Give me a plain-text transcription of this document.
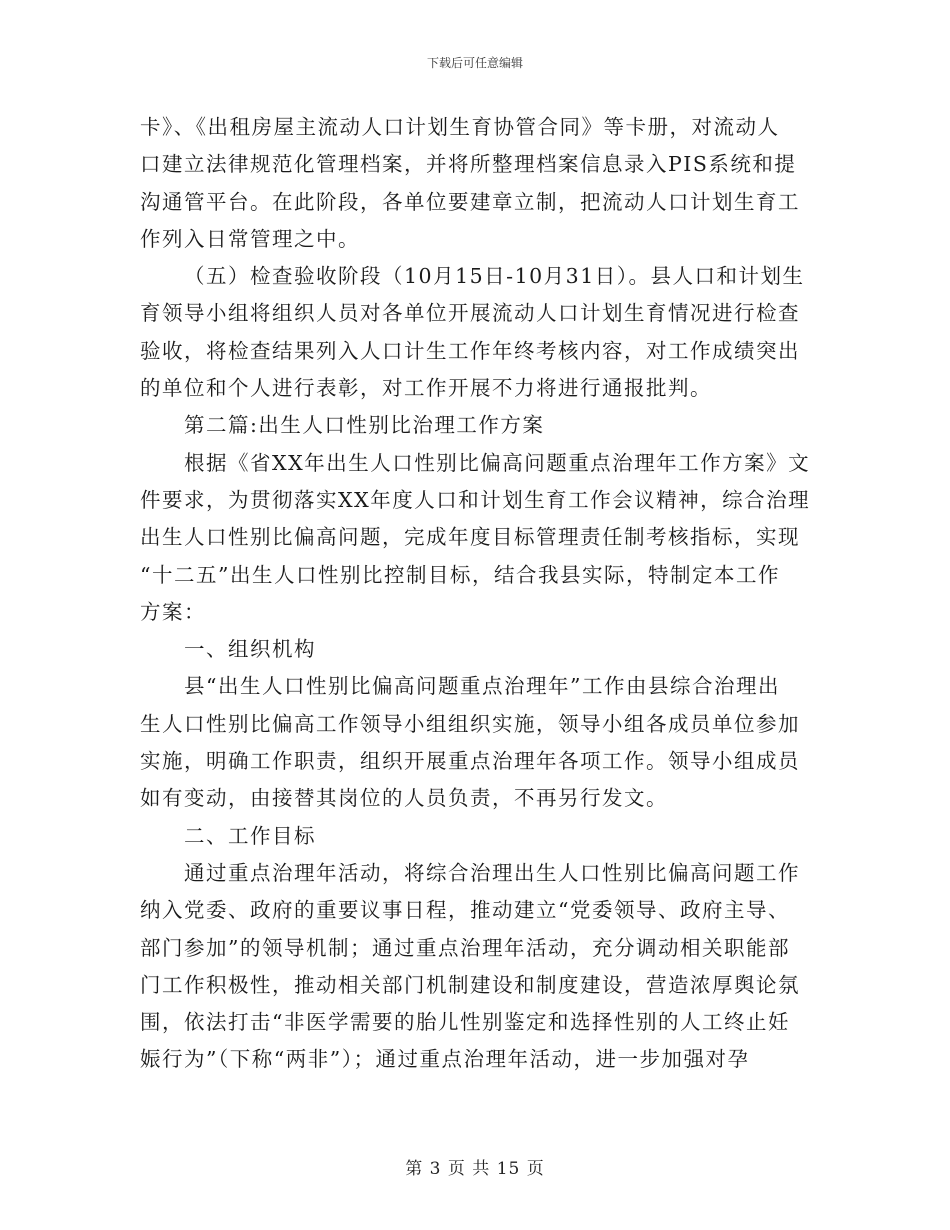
下载后可任意编辑
卡》、《出租房屋主流动人口计划生育协管合同》等卡册，对流动人
口建立法律规范化管理档案，并将所整理档案信息录入PIS系统和提
沟通管平台。在此阶段，各单位要建章立制，把流动人口计划生育工
作列入日常管理之中。
（五）检查验收阶段（10月15日-10月31日）。县人口和计划生
育领导小组将组织人员对各单位开展流动人口计划生育情况进行检查
验收，将检查结果列入人口计生工作年终考核内容，对工作成绩突出
的单位和个人进行表彰，对工作开展不力将进行通报批判。
第二篇:出生人口性别比治理工作方案
根据《省XX年出生人口性别比偏高问题重点治理年工作方案》文
件要求，为贯彻落实XX年度人口和计划生育工作会议精神，综合治理
出生人口性别比偏高问题，完成年度目标管理责任制考核指标，实现
“十二五”出生人口性别比控制目标，结合我县实际，特制定本工作
方案：
一、组织机构
县“出生人口性别比偏高问题重点治理年”工作由县综合治理出
生人口性别比偏高工作领导小组组织实施，领导小组各成员单位参加
实施，明确工作职责，组织开展重点治理年各项工作。领导小组成员
如有变动，由接替其岗位的人员负责，不再另行发文。
二、工作目标
通过重点治理年活动，将综合治理出生人口性别比偏高问题工作
纳入党委、政府的重要议事日程，推动建立“党委领导、政府主导、
部门参加”的领导机制；通过重点治理年活动，充分调动相关职能部
门工作积极性，推动相关部门机制建设和制度建设，营造浓厚舆论氛
围，依法打击“非医学需要的胎儿性别鉴定和选择性别的人工终止妊
娠行为”（下称“两非”）；通过重点治理年活动，进一步加强对孕
第 3 页 共 15 页
